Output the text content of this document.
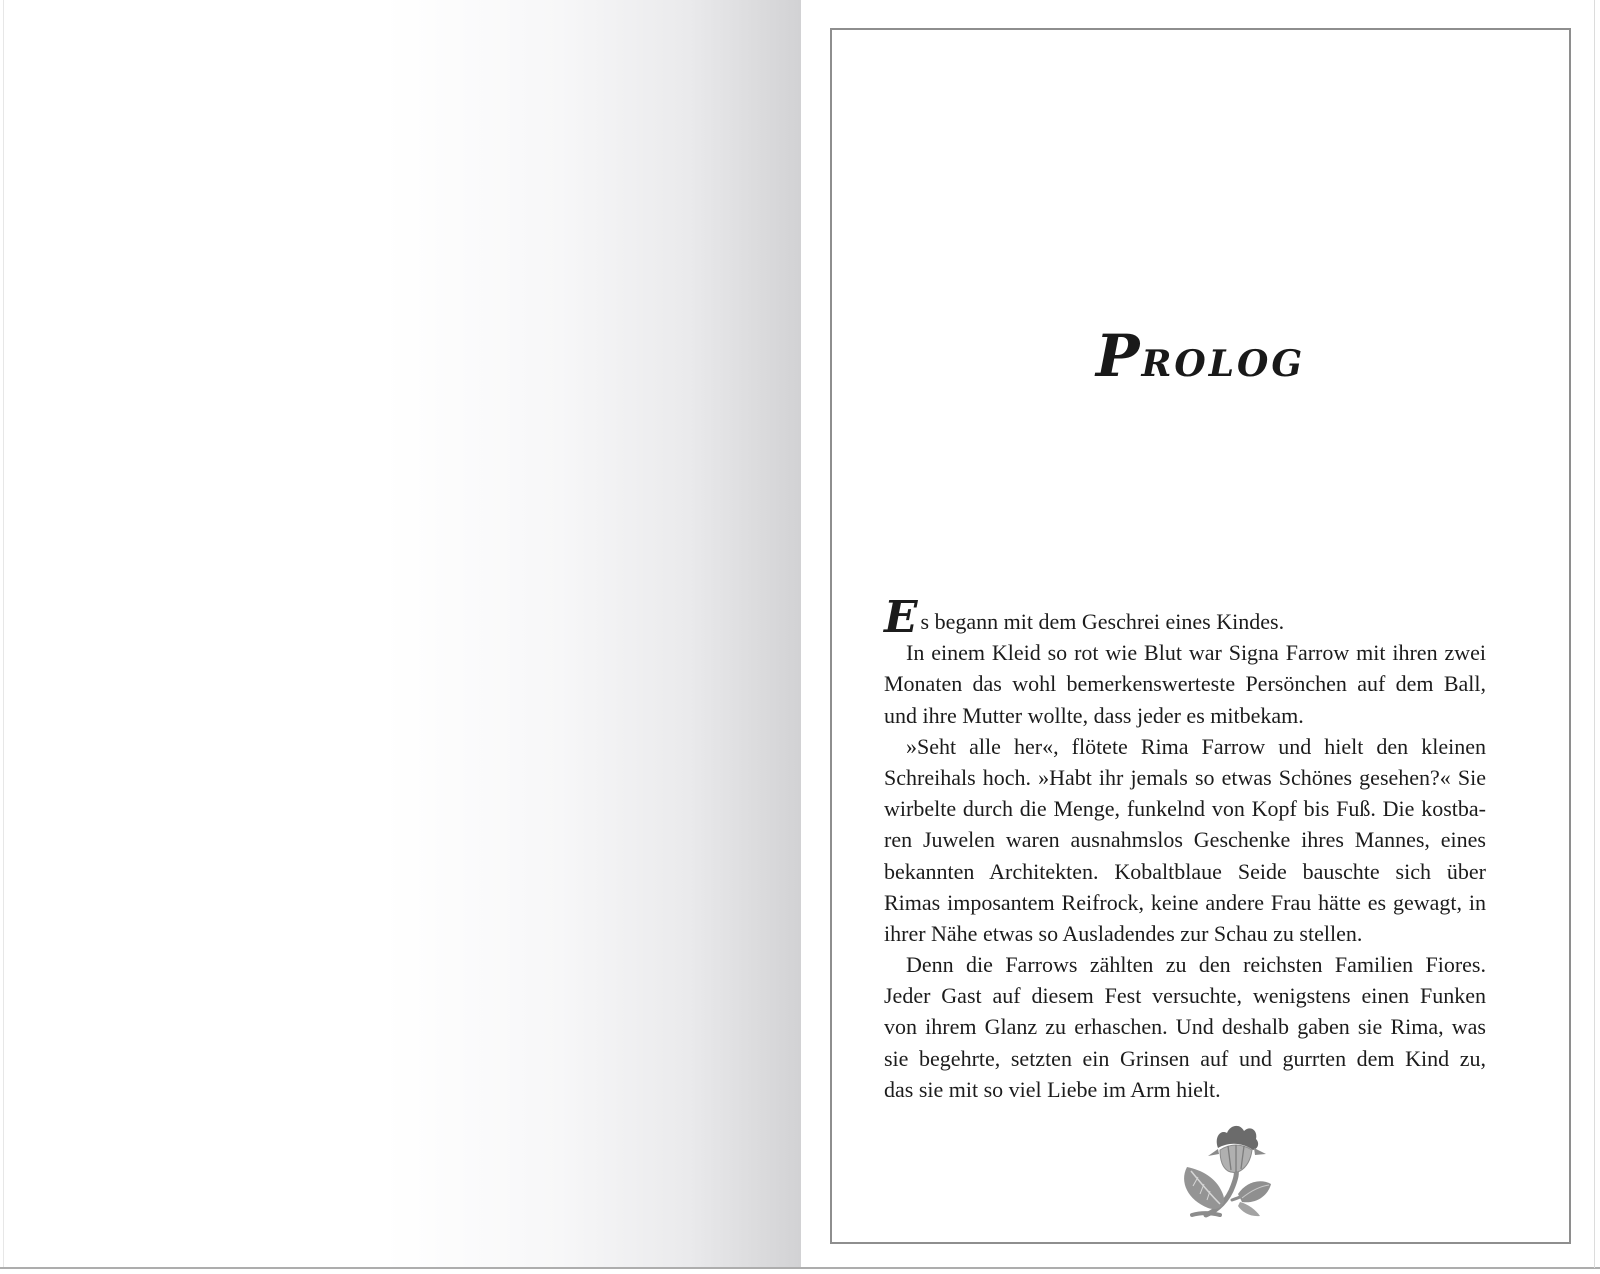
PROLOG
Es begann mit dem Geschrei eines Kindes.
In einem Kleid so rot wie Blut war Signa Farrow mit ihren zwei
Monaten das wohl bemerkenswerteste Persönchen auf dem Ball,
und ihre Mutter wollte, dass jeder es mitbekam.
»Seht alle her«, flötete Rima Farrow und hielt den kleinen
Schreihals hoch. »Habt ihr jemals so etwas Schönes gesehen?« Sie
wirbelte durch die Menge, funkelnd von Kopf bis Fuß. Die kostba-
ren Juwelen waren ausnahmslos Geschenke ihres Mannes, eines
bekannten Architekten. Kobaltblaue Seide bauschte sich über
Rimas imposantem Reifrock, keine andere Frau hätte es gewagt, in
ihrer Nähe etwas so Ausladendes zur Schau zu stellen.
Denn die Farrows zählten zu den reichsten Familien Fiores.
Jeder Gast auf diesem Fest versuchte, wenigstens einen Funken
von ihrem Glanz zu erhaschen. Und deshalb gaben sie Rima, was
sie begehrte, setzten ein Grinsen auf und gurrten dem Kind zu,
das sie mit so viel Liebe im Arm hielt.
